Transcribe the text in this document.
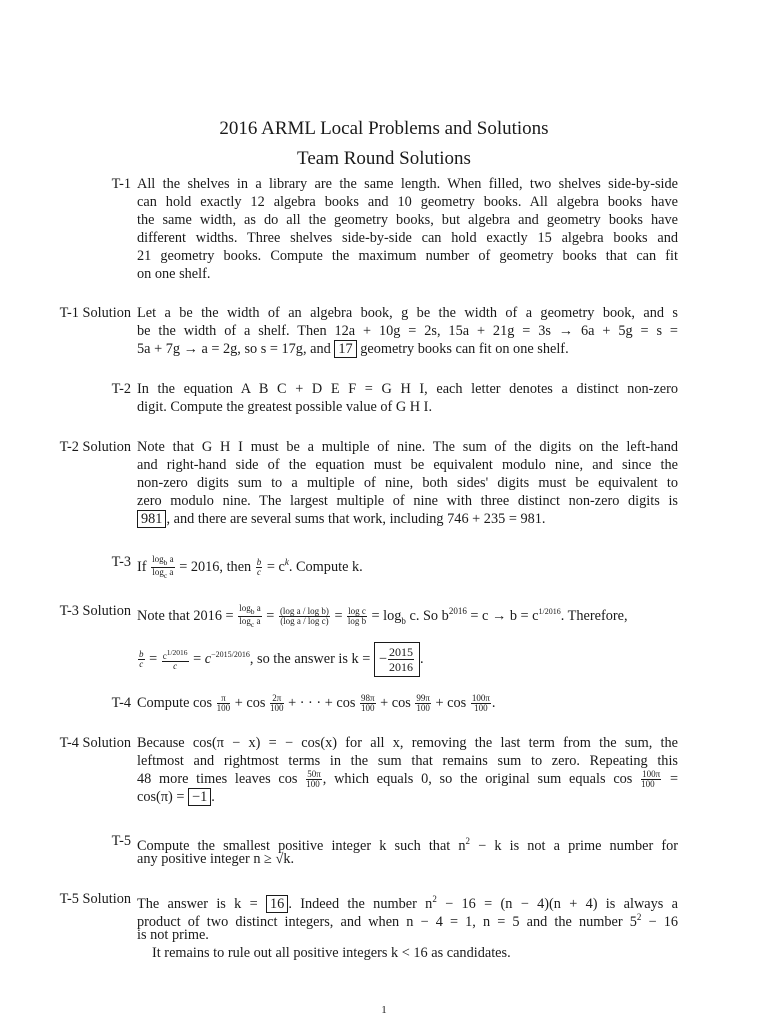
2016 ARML Local Problems and Solutions
Team Round Solutions
T-1 All the shelves in a library are the same length. When filled, two shelves side-by-side
can hold exactly 12 algebra books and 10 geometry books. All algebra books have
the same width, as do all the geometry books, but algebra and geometry books have
different widths. Three shelves side-by-side can hold exactly 15 algebra books and
21 geometry books. Compute the maximum number of geometry books that can fit
on one shelf.
T-1 Solution Let a be the width of an algebra book, g be the width of a geometry book, and s
be the width of a shelf. Then 12a + 10g = 2s, 15a + 21g = 3s → 6a + 5g = s =
5a + 7g → a = 2g, so s = 17g, and 17 geometry books can fit on one shelf.
T-2 In the equation A B C + D E F = G H I, each letter denotes a distinct non-zero
digit. Compute the greatest possible value of G H I.
T-2 Solution Note that G H I must be a multiple of nine. The sum of the digits on the left-hand
and right-hand side of the equation must be equivalent modulo nine, and since the
non-zero digits sum to a multiple of nine, both sides' digits must be equivalent to
zero modulo nine. The largest multiple of nine with three distinct non-zero digits is
981 , and there are several sums that work, including 746 + 235 = 981.
T-3 If $\frac{\log_b a}{\log_c a} = 2016$, then $\frac{b}{c} = c^k$. Compute k.
T-3 Solution Note that $2016 = \frac{\log_b a}{\log_c a} = \frac{\text{(log a / log b)}}{\text{(log a / log c)}} = \frac{\text{log c}}{\text{log b}} = \log_b c$. So $b^{2016} = c \to b = c^{1/2016}$. Therefore,
$\frac{b}{c} = \frac{c^{1/2016}}{c} = c^{-2015/2016}$, so the answer is k = − $\frac{2015}{2016}$ .
T-4 Compute $\cos \frac{\pi}{100} + \cos \frac{2\pi}{100}$ + · · · + $\cos \frac{98\pi}{100} + \cos \frac{99\pi}{100} + \cos \frac{100\pi}{100}$ .
T-4 Solution Because cos(π − x) = − cos(x) for all x, removing the last term from the sum, the
leftmost and rightmost terms in the sum that remains sum to zero. Repeating this
48 more times leaves $\cos \frac{50\pi}{100}$ , which equals 0, so the original sum equals $\cos \frac{100\pi}{100}$ =
cos(π) = −1 .
T-5 Compute the smallest positive integer k such that $n^2 - k$ is not a prime number for
any positive integer n ≥ √k.
T-5 Solution The answer is k = 16 . Indeed the number $n^2 - 16 = (n - 4)(n + 4)$ is always a
product of two distinct integers, and when n − 4 = 1, n = 5 and the number $5^2 - 16$
is not prime.
It remains to rule out all positive integers k < 16 as candidates.
1
